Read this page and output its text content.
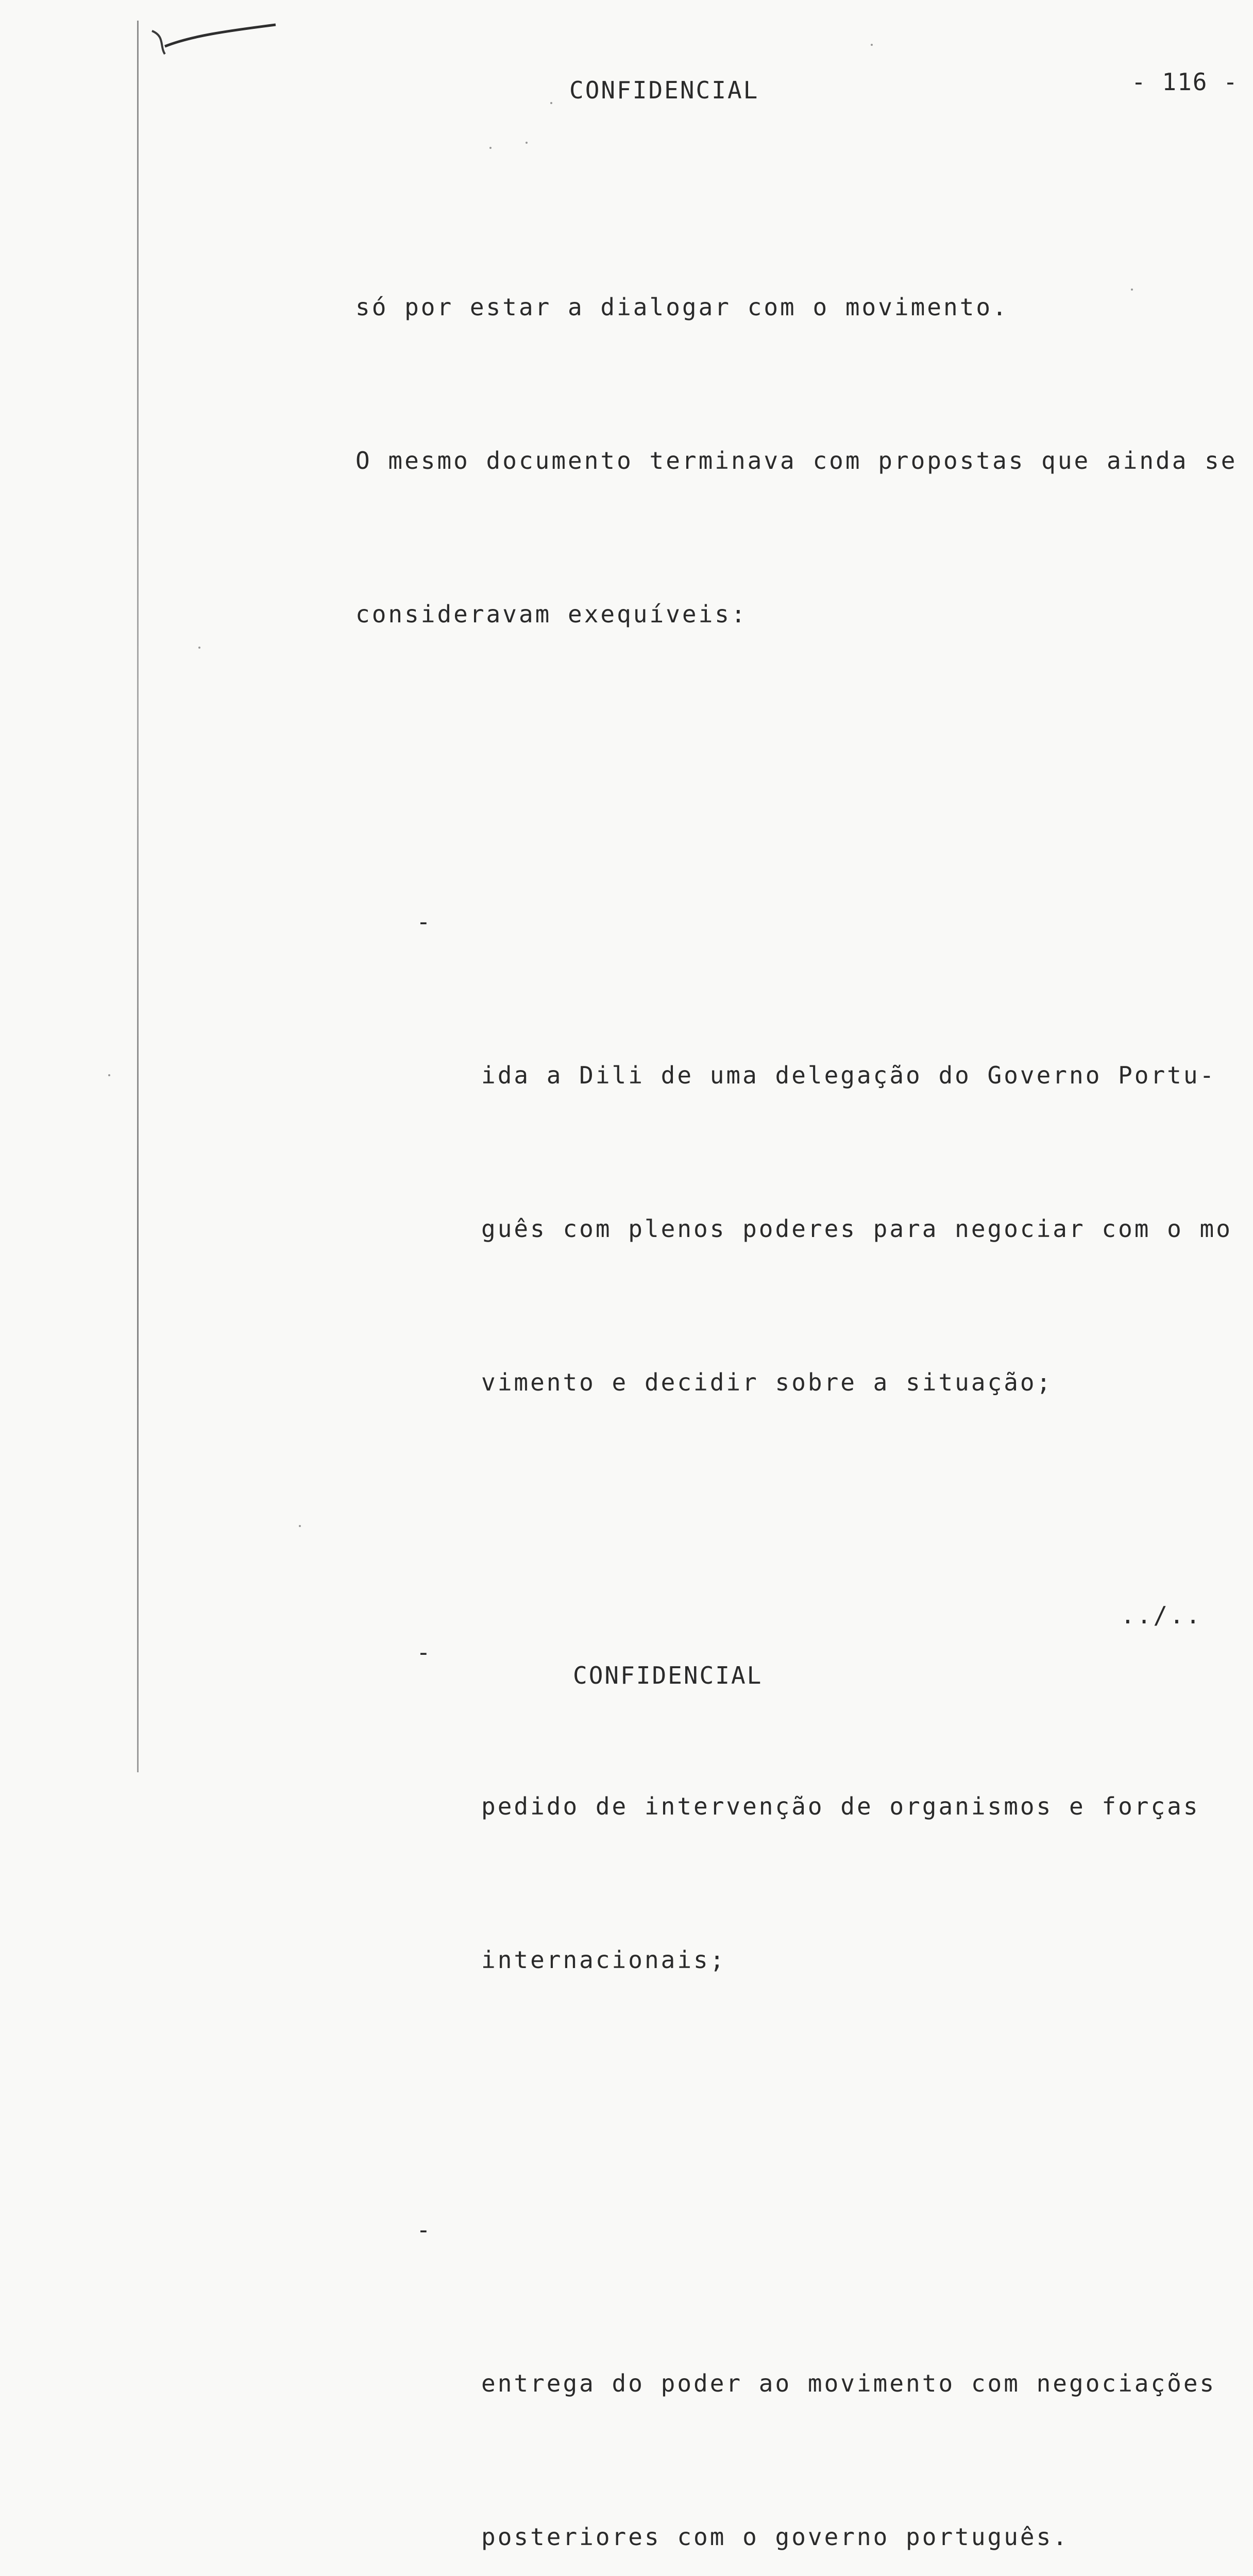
CONFIDENCIAL	- 116 -

só por estar a dialogar com o movimento.

O mesmo documento terminava com propostas que ainda se

consideravam exequíveis:

-

ida a Dili de uma delegação do Governo Portu-

guês com plenos poderes para negociar com o mo

vimento e decidir sobre a situação;

-

pedido de intervenção de organismos e forças

internacionais;

-

entrega do poder ao movimento com negociações

posteriores com o governo português.

../..
CONFIDENCIAL
